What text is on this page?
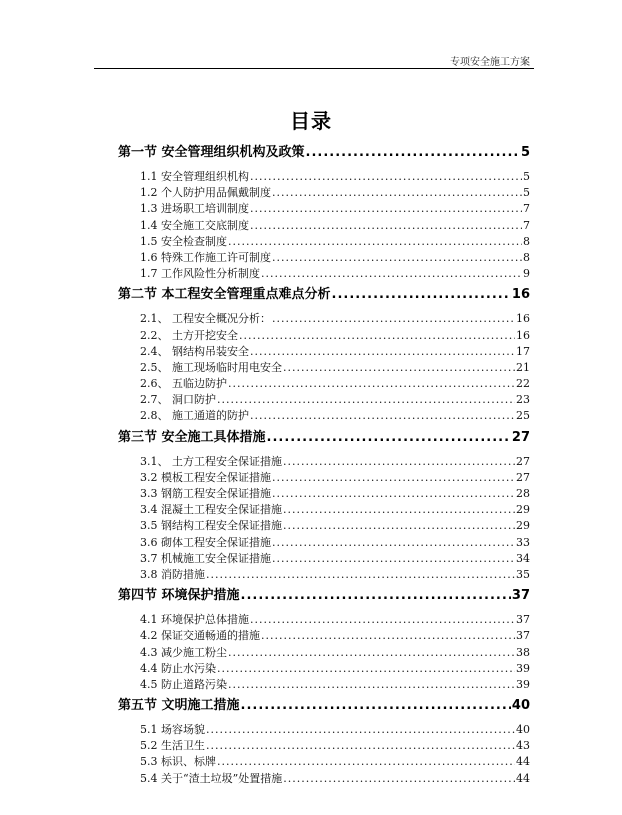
专项安全施工方案
目录
第一节 安全管理组织机构及政策 .....	5
1.1 安全管理组织机构 .....	5
1.2 个人防护用品佩戴制度 .....	5
1.3 进场职工培训制度 .....	7
1.4 安全施工交底制度 .....	7
1.5 安全检查制度 .....	8
1.6 特殊工作施工许可制度 .....	8
1.7 工作风险性分析制度 .....	9
第二节 本工程安全管理重点难点分析 .....	16
2.1、 工程安全概况分析： .....	16
2.2、 土方开挖安全 .....	16
2.4、 钢结构吊装安全 .....	17
2.5、 施工现场临时用电安全 .....	21
2.6、 五临边防护 .....	22
2.7、 洞口防护 .....	23
2.8、 施工通道的防护 .....	25
第三节 安全施工具体措施 .....	27
3.1、 土方工程安全保证措施 .....	27
3.2 模板工程安全保证措施 .....	27
3.3 钢筋工程安全保证措施 .....	28
3.4 混凝土工程安全保证措施 .....	29
3.5 钢结构工程安全保证措施 .....	29
3.6 砌体工程安全保证措施 .....	33
3.7 机械施工安全保证措施 .....	34
3.8 消防措施 .....	35
第四节 环境保护措施 .....	37
4.1 环境保护总体措施 .....	37
4.2 保证交通畅通的措施 .....	37
4.3 减少施工粉尘 .....	38
4.4 防止水污染 .....	39
4.5 防止道路污染 .....	39
第五节 文明施工措施 .....	40
5.1 场容场貌 .....	40
5.2 生活卫生 .....	43
5.3 标识、标牌 .....	44
5.4 关于“渣土垃圾”处置措施 .....	44
